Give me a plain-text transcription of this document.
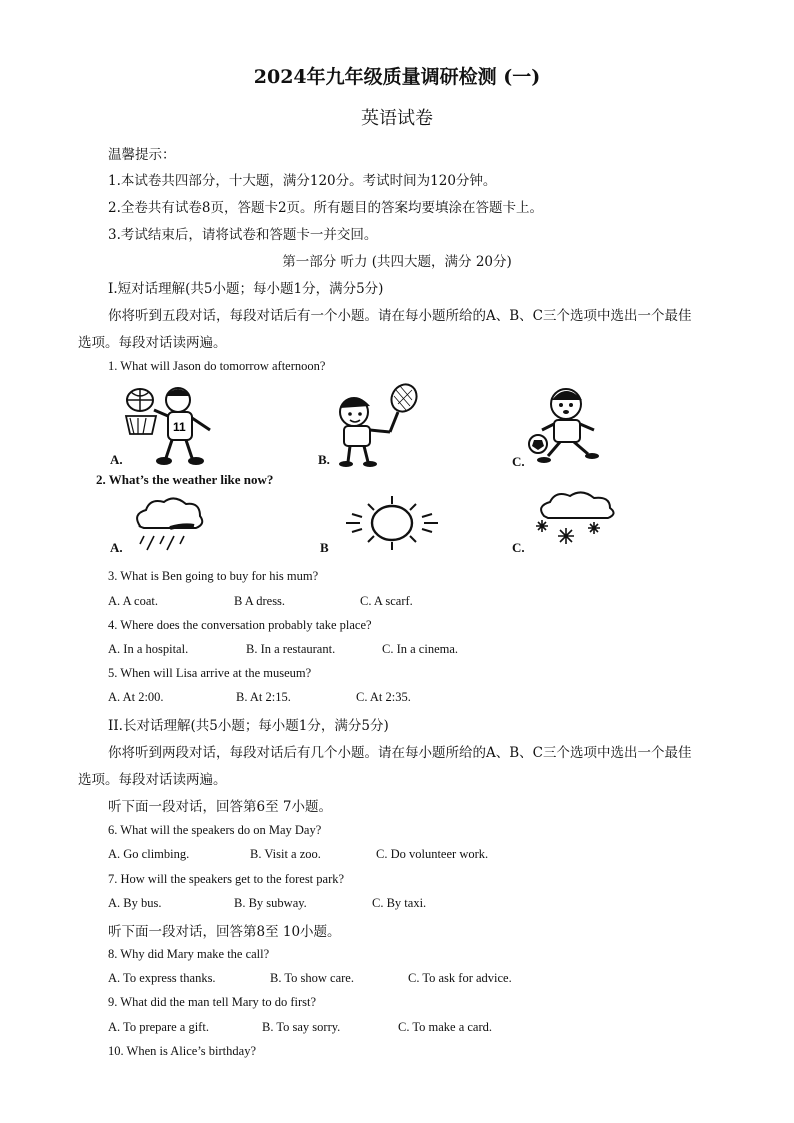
2024年九年级质量调研检测 (一)
英语试卷
温馨提示：
1.本试卷共四部分，十大题，满分120分。考试时间为120分钟。
2.全卷共有试卷8页，答题卡2页。所有题目的答案均要填涂在答题卡上。
3.考试结束后，请将试卷和答题卡一并交回。
第一部分 听力 (共四大题，满分 20分)
I.短对话理解(共5小题；每小题1分，满分5分)
你将听到五段对话，每段对话后有一个小题。请在每小题所给的A、B、C三个选项中选出一个最佳
选项。每段对话读两遍。
1. What will Jason do tomorrow afternoon?
11
A.	B.	C.
2. What’s the weather like now?
A.	B	C.
3. What is Ben going to buy for his mum?
A. A coat.	B A dress.	C. A scarf.
4. Where does the conversation probably take place?
A. In a hospital.	B. In a restaurant.	C. In a cinema.
5. When will Lisa arrive at the museum?
A. At 2:00.	B. At 2:15.	C. At 2:35.
II.长对话理解(共5小题；每小题1分，满分5分)
你将听到两段对话，每段对话后有几个小题。请在每小题所给的A、B、C三个选项中选出一个最佳
选项。每段对话读两遍。
听下面一段对话，回答第6至 7小题。
6. What will the speakers do on May Day?
A. Go climbing.	B. Visit a zoo.	C. Do volunteer work.
7. How will the speakers get to the forest park?
A. By bus.	B. By subway.	C. By taxi.
听下面一段对话，回答第8至 10小题。
8. Why did Mary make the call?
A. To express thanks.	B. To show care.	C. To ask for advice.
9. What did the man tell Mary to do first?
A. To prepare a gift.	B. To say sorry.	C. To make a card.
10. When is Alice’s birthday?
